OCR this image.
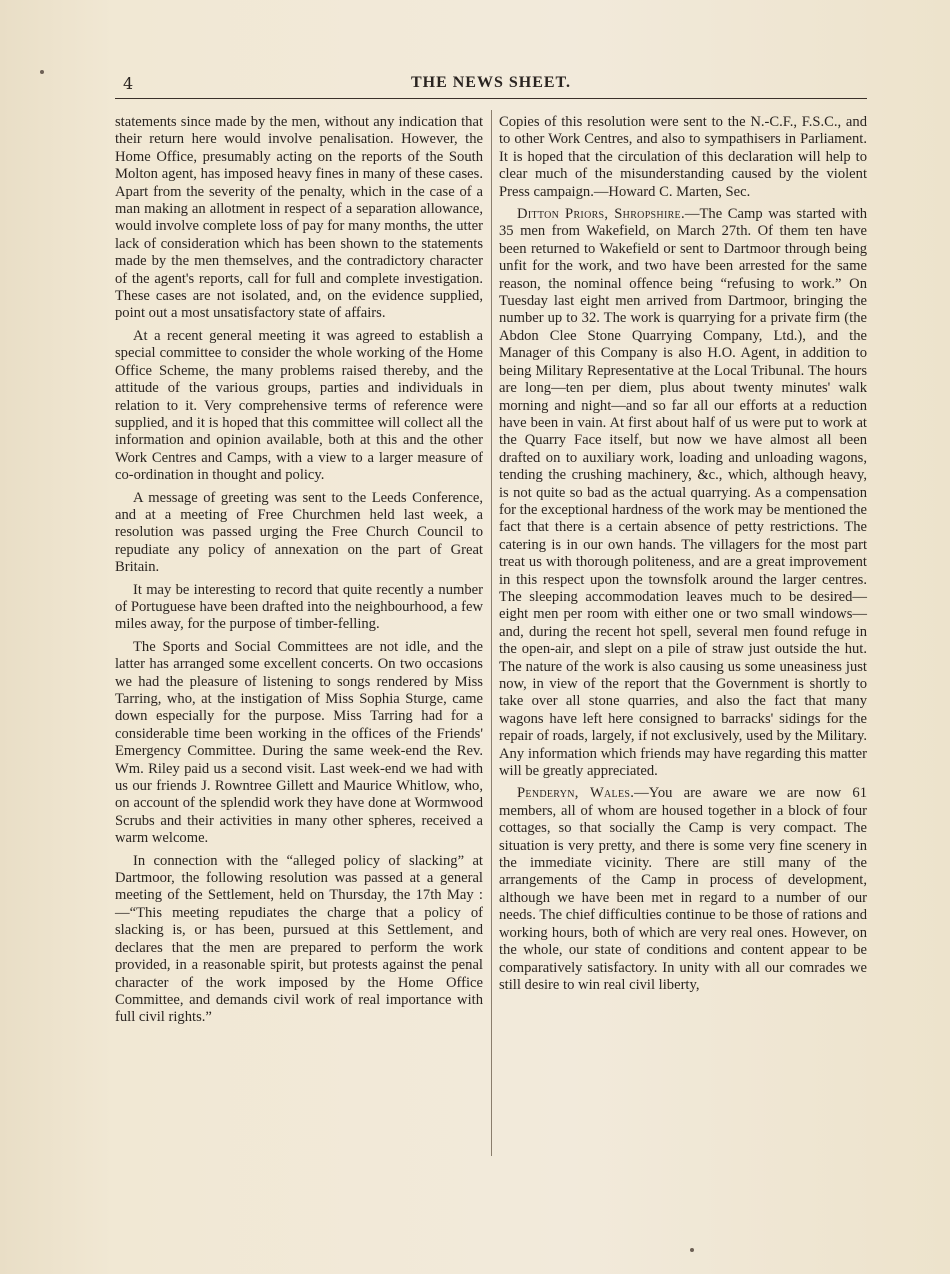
4	THE NEWS SHEET.

statements since made by the men, without any indication that their return here would involve penalisation. However, the Home Office, presumably acting on the reports of the South Molton agent, has imposed heavy fines in many of these cases. Apart from the severity of the penalty, which in the case of a man making an allotment in respect of a separation allowance, would involve complete loss of pay for many months, the utter lack of consideration which has been shown to the statements made by the men themselves, and the contradictory character of the agent's reports, call for full and complete investigation. These cases are not isolated, and, on the evidence supplied, point out a most unsatisfactory state of affairs.

At a recent general meeting it was agreed to establish a special committee to consider the whole working of the Home Office Scheme, the many problems raised thereby, and the attitude of the various groups, parties and individuals in relation to it. Very comprehensive terms of reference were supplied, and it is hoped that this committee will collect all the information and opinion available, both at this and the other Work Centres and Camps, with a view to a larger measure of co-ordination in thought and policy.

A message of greeting was sent to the Leeds Conference, and at a meeting of Free Churchmen held last week, a resolution was passed urging the Free Church Council to repudiate any policy of annexation on the part of Great Britain.

It may be interesting to record that quite recently a number of Portuguese have been drafted into the neighbourhood, a few miles away, for the purpose of timber-felling.

The Sports and Social Committees are not idle, and the latter has arranged some excellent concerts. On two occasions we had the pleasure of listening to songs rendered by Miss Tarring, who, at the instigation of Miss Sophia Sturge, came down especially for the purpose. Miss Tarring had for a considerable time been working in the offices of the Friends' Emergency Committee. During the same week-end the Rev. Wm. Riley paid us a second visit. Last week-end we had with us our friends J. Rowntree Gillett and Maurice Whitlow, who, on account of the splendid work they have done at Wormwood Scrubs and their activities in many other spheres, received a warm welcome.

In connection with the “alleged policy of slacking” at Dartmoor, the following resolution was passed at a general meeting of the Settlement, held on Thursday, the 17th May :—“This meeting repudiates the charge that a policy of slacking is, or has been, pursued at this Settlement, and declares that the men are prepared to perform the work provided, in a reasonable spirit, but protests against the penal character of the work imposed by the Home Office Committee, and demands civil work of real importance with full civil rights.”

Copies of this resolution were sent to the N.-C.F., F.S.C., and to other Work Centres, and also to sympathisers in Parliament. It is hoped that the circulation of this declaration will help to clear much of the misunderstanding caused by the violent Press campaign.—Howard C. Marten, Sec.

Ditton Priors, Shropshire.—The Camp was started with 35 men from Wakefield, on March 27th. Of them ten have been returned to Wakefield or sent to Dartmoor through being unfit for the work, and two have been arrested for the same reason, the nominal offence being “refusing to work.” On Tuesday last eight men arrived from Dartmoor, bringing the number up to 32. The work is quarrying for a private firm (the Abdon Clee Stone Quarrying Company, Ltd.), and the Manager of this Company is also H.O. Agent, in addition to being Military Representative at the Local Tribunal. The hours are long—ten per diem, plus about twenty minutes' walk morning and night—and so far all our efforts at a reduction have been in vain. At first about half of us were put to work at the Quarry Face itself, but now we have almost all been drafted on to auxiliary work, loading and unloading wagons, tending the crushing machinery, &c., which, although heavy, is not quite so bad as the actual quarrying. As a compensation for the exceptional hardness of the work may be mentioned the fact that there is a certain absence of petty restrictions. The catering is in our own hands. The villagers for the most part treat us with thorough politeness, and are a great improvement in this respect upon the townsfolk around the larger centres. The sleeping accommodation leaves much to be desired—eight men per room with either one or two small windows—and, during the recent hot spell, several men found refuge in the open-air, and slept on a pile of straw just outside the hut. The nature of the work is also causing us some uneasiness just now, in view of the report that the Government is shortly to take over all stone quarries, and also the fact that many wagons have left here consigned to barracks' sidings for the repair of roads, largely, if not exclusively, used by the Military. Any information which friends may have regarding this matter will be greatly appreciated.

Penderyn, Wales.—You are aware we are now 61 members, all of whom are housed together in a block of four cottages, so that socially the Camp is very compact. The situation is very pretty, and there is some very fine scenery in the immediate vicinity. There are still many of the arrangements of the Camp in process of development, although we have been met in regard to a number of our needs. The chief difficulties continue to be those of rations and working hours, both of which are very real ones. However, on the whole, our state of conditions and content appear to be comparatively satisfactory. In unity with all our comrades we still desire to win real civil liberty,
